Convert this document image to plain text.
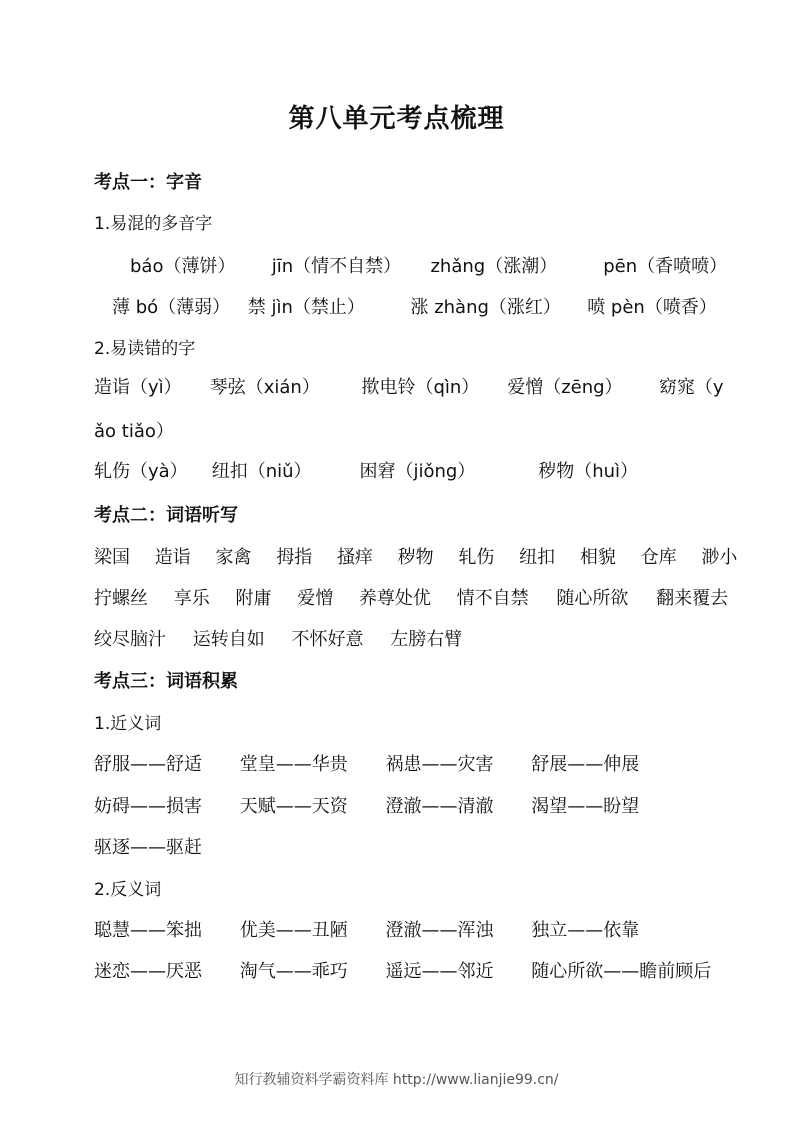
第八单元考点梳理
考点一：字音
1.易混的多音字
báo（薄饼） jīn（情不自禁） zhǎng（涨潮）	pēn（香喷喷）
薄 bó（薄弱） 禁 jìn（禁止）	涨 zhàng（涨红） 喷 pèn（喷香）
2.易读错的字
造诣（yì） 琴弦（xián） 揿电铃（qìn） 爱憎（zēng） 窈窕（y
ǎo tiǎo）
轧伤（yà） 纽扣（niǔ）	困窘（jiǒng）	秽物（huì）
考点二：词语听写
梁国 造诣 家禽 拇指 搔痒 秽物 轧伤 纽扣 相貌 仓库 渺小
拧螺丝 享乐 附庸 爱憎 养尊处优 情不自禁 随心所欲 翻来覆去
绞尽脑汁 运转自如 不怀好意 左膀右臂
考点三：词语积累
1.近义词
舒服——舒适 堂皇——华贵 祸患——灾害 舒展——伸展
妨碍——损害 天赋——天资 澄澈——清澈 渴望——盼望
驱逐——驱赶
2.反义词
聪慧——笨拙 优美——丑陋 澄澈——浑浊 独立——依靠
迷恋——厌恶 淘气——乖巧 遥远——邻近 随心所欲——瞻前顾后
知行教辅资料学霸资料库 http://www.lianjie99.cn/
